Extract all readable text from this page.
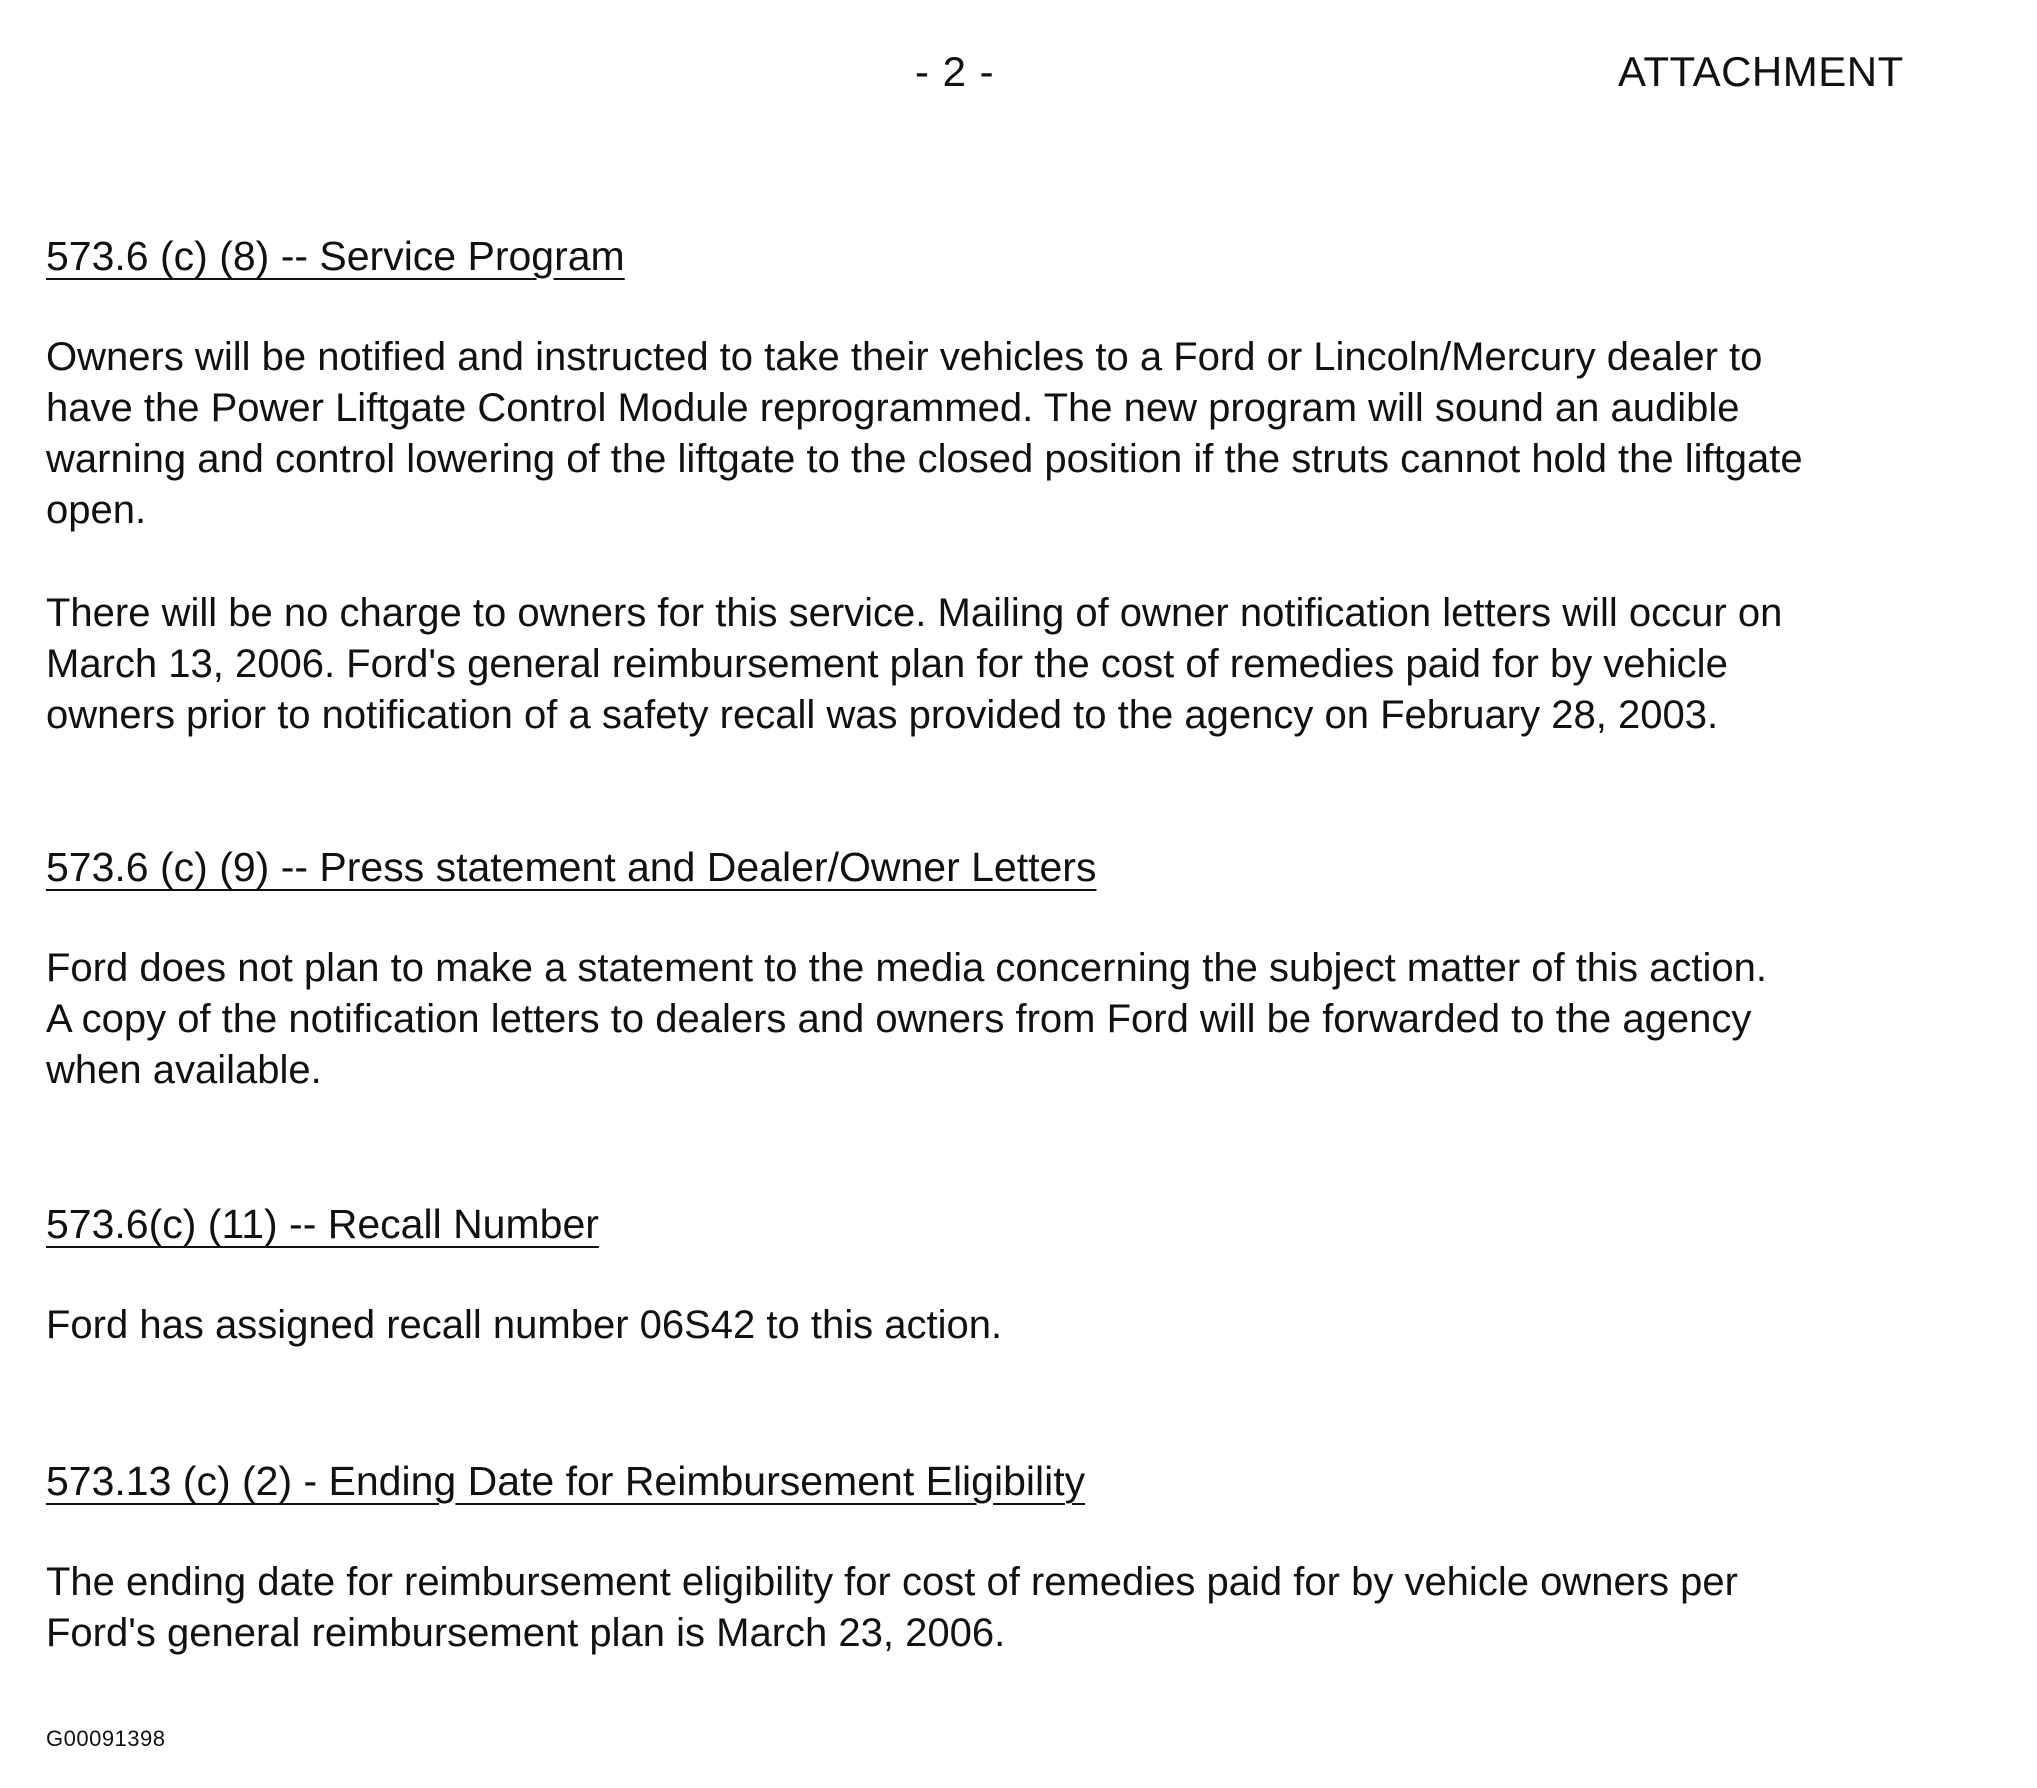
- 2 -	ATTACHMENT
573.6 (c) (8) -- Service Program

Owners will be notified and instructed to take their vehicles to a Ford or Lincoln/Mercury dealer to
have the Power Liftgate Control Module reprogrammed. The new program will sound an audible
warning and control lowering of the liftgate to the closed position if the struts cannot hold the liftgate
open.

There will be no charge to owners for this service. Mailing of owner notification letters will occur on
March 13, 2006. Ford's general reimbursement plan for the cost of remedies paid for by vehicle
owners prior to notification of a safety recall was provided to the agency on February 28, 2003.

573.6 (c) (9) -- Press statement and Dealer/Owner Letters

Ford does not plan to make a statement to the media concerning the subject matter of this action.
A copy of the notification letters to dealers and owners from Ford will be forwarded to the agency
when available.

573.6(c) (11) -- Recall Number

Ford has assigned recall number 06S42 to this action.

573.13 (c) (2) - Ending Date for Reimbursement Eligibility

The ending date for reimbursement eligibility for cost of remedies paid for by vehicle owners per
Ford's general reimbursement plan is March 23, 2006.

G00091398
